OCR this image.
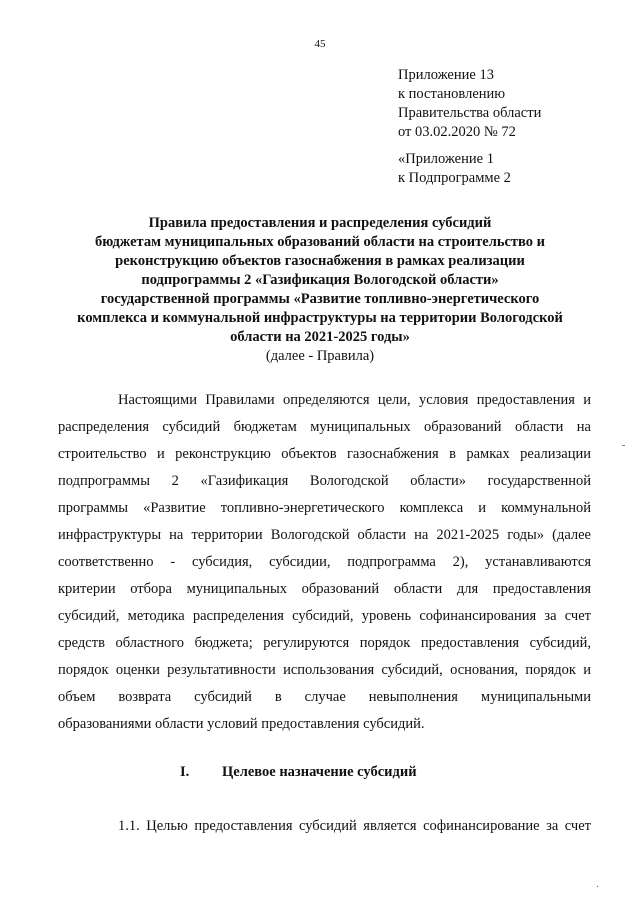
45
Приложение 13
к постановлению
Правительства области
от 03.02.2020 № 72
«Приложение 1
к Подпрограмме 2
Правила предоставления и распределения субсидий
бюджетам муниципальных образований области на строительство и
реконструкцию объектов газоснабжения в рамках реализации
подпрограммы 2 «Газификация Вологодской области»
государственной программы «Развитие топливно-энергетического
комплекса и коммунальной инфраструктуры на территории Вологодской
области на 2021-2025 годы»
(далее - Правила)
Настоящими Правилами определяются цели, условия предоставления и
распределения субсидий бюджетам муниципальных образований области на
строительство и реконструкцию объектов газоснабжения в рамках реализации
подпрограммы 2 «Газификация Вологодской области» государственной
программы «Развитие топливно-энергетического комплекса и коммунальной
инфраструктуры на территории Вологодской области на 2021-2025 годы» (далее
соответственно - субсидия, субсидии, подпрограмма 2), устанавливаются
критерии отбора муниципальных образований области для предоставления
субсидий, методика распределения субсидий, уровень софинансирования за счет
средств областного бюджета; регулируются порядок предоставления субсидий,
порядок оценки результативности использования субсидий, основания, порядок и
объем возврата субсидий в случае невыполнения муниципальными
образованиями области условий предоставления субсидий.
I. Целевое назначение субсидий
1.1. Целью предоставления субсидий является софинансирование за счет
-
·
